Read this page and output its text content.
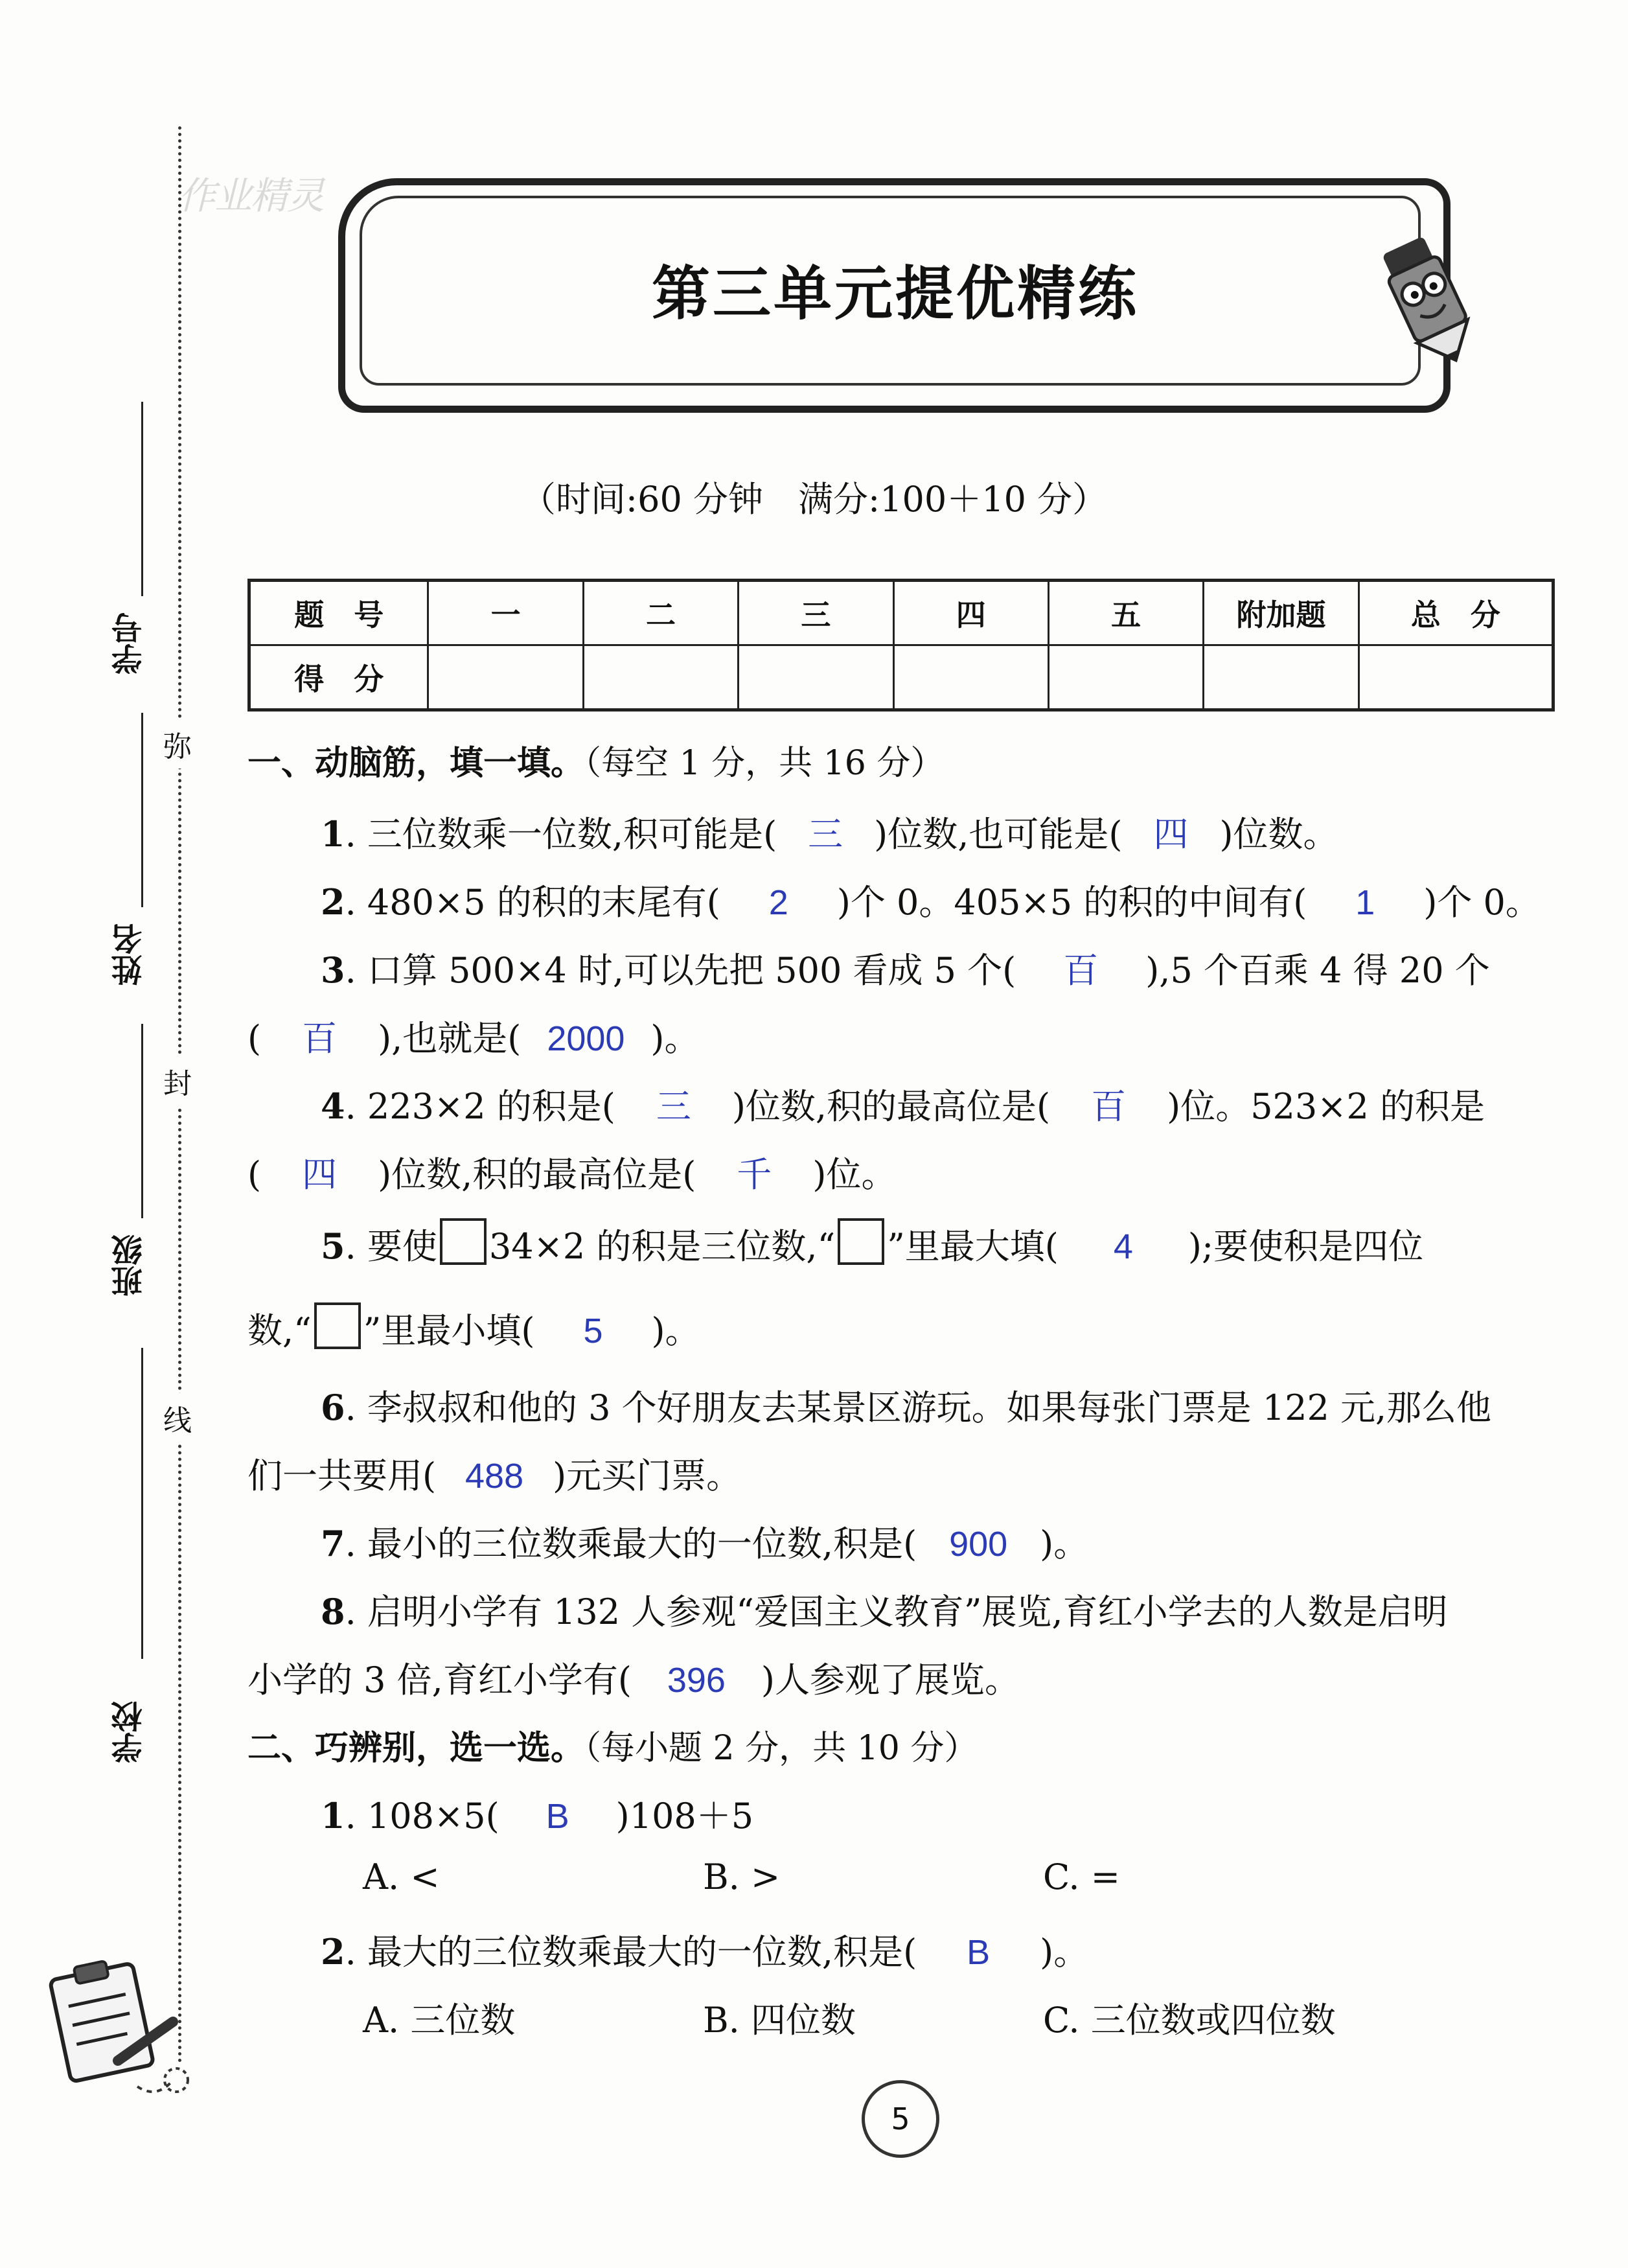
学号
姓名
班级
学校
弥
封
线
作业精灵
第三单元提优精练
（时间:60 分钟　满分:100＋10 分）
题　号	一	二	三	四	五	附加题	总　分
得　分							
一、动脑筋，填一填。（每空 1 分，共 16 分）
1. 三位数乘一位数,积可能是( 三 )位数,也可能是( 四 )位数。
2. 480×5 的积的末尾有( 2 )个 0。405×5 的积的中间有( 1 )个 0。
3. 口算 500×4 时,可以先把 500 看成 5 个( 百 ),5 个百乘 4 得 20 个
( 百 ),也就是( 2000 )。
4. 223×2 的积是( 三 )位数,积的最高位是( 百 )位。523×2 的积是
( 四 )位数,积的最高位是( 千 )位。
5. 要使 34×2 的积是三位数,“ ”里最大填( 4 );要使积是四位
数,“ ”里最小填( 5 )。
6. 李叔叔和他的 3 个好朋友去某景区游玩。如果每张门票是 122 元,那么他
们一共要用( 488 )元买门票。
7. 最小的三位数乘最大的一位数,积是( 900 )。
8. 启明小学有 132 人参观“爱国主义教育”展览,育红小学去的人数是启明
小学的 3 倍,育红小学有( 396 )人参观了展览。
二、巧辨别，选一选。（每小题 2 分，共 10 分）
1. 108×5( B )108＋5
A. <	B. >	C. =
2. 最大的三位数乘最大的一位数,积是( B )。
A. 三位数	B. 四位数	C. 三位数或四位数
5
